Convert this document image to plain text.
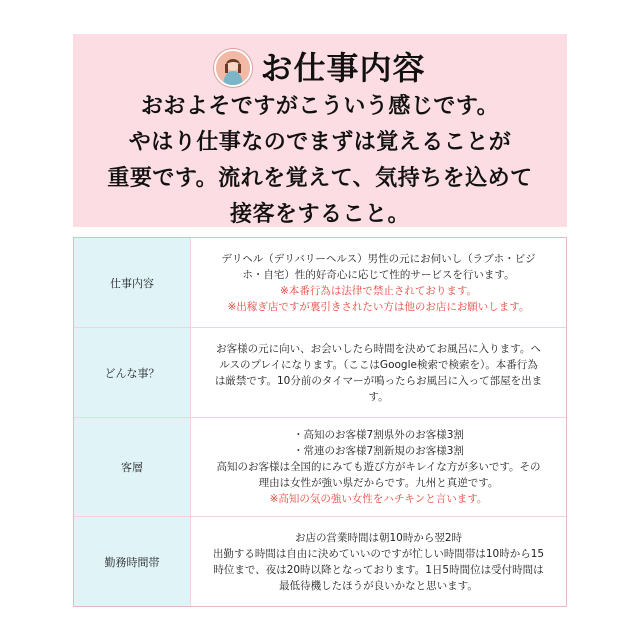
お仕事内容
おおよそですがこういう感じです。
やはり仕事なのでまずは覚えることが
重要です。流れを覚えて、気持ちを込めて
接客をすること。
仕事内容
デリヘル（デリバリーヘルス）男性の元にお伺いし（ラブホ・ビジ
ホ・自宅）性的好奇心に応じて性的サービスを行います。
※本番行為は法律で禁止されております。
※出稼ぎ店ですが裏引きされたい方は他のお店にお願いします。
どんな事？
お客様の元に向い、お会いしたら時間を決めてお風呂に入ります。ヘ
ルスのプレイになります。（ここはGoogle検索で検索を）。本番行為
は厳禁です。10分前のタイマーが鳴ったらお風呂に入って部屋を出ま
す。
客層
・高知のお客様7割県外のお客様3割
・常連のお客様7割新規のお客様3割
高知のお客様は全国的にみても遊び方がキレイな方が多いです。その
理由は女性が強い県だからです。九州と真逆です。
※高知の気の強い女性をハチキンと言います。
勤務時間帯
お店の営業時間は朝10時から翌2時
出勤する時間は自由に決めていいのですが忙しい時間帯は10時から15
時位まで、夜は20時以降となっております。1日5時間位は受付時間は
最低待機したほうが良いかなと思います。
